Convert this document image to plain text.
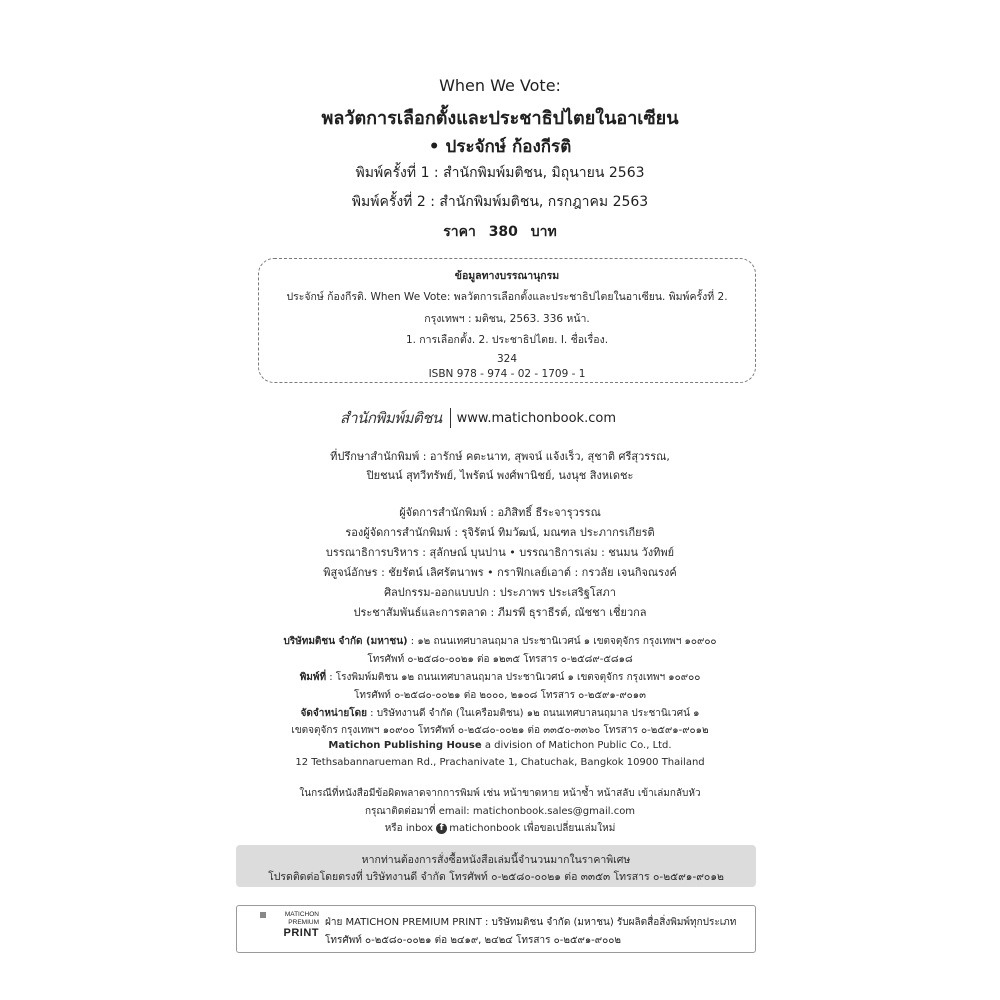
When We Vote:
พลวัตการเลือกตั้งและประชาธิปไตยในอาเซียน
• ประจักษ์ ก้องกีรติ
พิมพ์ครั้งที่ 1 : สำนักพิมพ์มติชน, มิถุนายน 2563
พิมพ์ครั้งที่ 2 : สำนักพิมพ์มติชน, กรกฎาคม 2563
ราคา 380 บาท
ข้อมูลทางบรรณานุกรม
ประจักษ์ ก้องกีรติ. When We Vote: พลวัตการเลือกตั้งและประชาธิปไตยในอาเซียน. พิมพ์ครั้งที่ 2.
กรุงเทพฯ : มติชน, 2563. 336 หน้า.
1. การเลือกตั้ง. 2. ประชาธิปไตย. I. ชื่อเรื่อง.
324
ISBN 978 - 974 - 02 - 1709 - 1
สำนักพิมพ์มติชน www.matichonbook.com
ที่ปรึกษาสำนักพิมพ์ : อารักษ์ คตะนาท, สุพจน์ แจ้งเร็ว, สุชาติ ศรีสุวรรณ,
ปิยชนน์ สุทวีทรัพย์, ไพรัตน์ พงศ์พานิชย์, นงนุช สิงหเดชะ
ผู้จัดการสำนักพิมพ์ : อภิสิทธิ์ ธีระจารุวรรณ
รองผู้จัดการสำนักพิมพ์ : รุจิรัตน์ ทิมวัฒน์, มณฑล ประภากรเกียรติ
บรรณาธิการบริหาร : สุลักษณ์ บุนปาน • บรรณาธิการเล่ม : ชนมน วังทิพย์
พิสูจน์อักษร : ชัยรัตน์ เลิศรัตนาพร • กราฟิกเลย์เอาต์ : กรวลัย เจนกิจณรงค์
ศิลปกรรม-ออกแบบปก : ประภาพร ประเสริฐโสภา
ประชาสัมพันธ์และการตลาด : ภีมรพี ธุราธีรต์, ณัชชา เชี่ยวกล
บริษัทมติชน จำกัด (มหาชน) : ๑๒ ถนนเทศบาลนฤมาล ประชานิเวศน์ ๑ เขตจตุจักร กรุงเทพฯ ๑๐๙๐๐
โทรศัพท์ ๐-๒๕๘๐-๐๐๒๑ ต่อ ๑๒๓๕ โทรสาร ๐-๒๕๘๙-๕๘๑๘
พิมพ์ที่ : โรงพิมพ์มติชน ๑๒ ถนนเทศบาลนฤมาล ประชานิเวศน์ ๑ เขตจตุจักร กรุงเทพฯ ๑๐๙๐๐
โทรศัพท์ ๐-๒๕๘๐-๐๐๒๑ ต่อ ๒๐๐๐, ๒๑๐๘ โทรสาร ๐-๒๕๙๑-๙๐๑๓
จัดจำหน่ายโดย : บริษัทงานดี จำกัด (ในเครือมติชน) ๑๒ ถนนเทศบาลนฤมาล ประชานิเวศน์ ๑
เขตจตุจักร กรุงเทพฯ ๑๐๙๐๐ โทรศัพท์ ๐-๒๕๘๐-๐๐๒๑ ต่อ ๓๓๕๐-๓๓๖๐ โทรสาร ๐-๒๕๙๑-๙๐๑๒
Matichon Publishing House a division of Matichon Public Co., Ltd.
12 Tethsabannarueman Rd., Prachanivate 1, Chatuchak, Bangkok 10900 Thailand
ในกรณีที่หนังสือมีข้อผิดพลาดจากการพิมพ์ เช่น หน้าขาดหาย หน้าซ้ำ หน้าสลับ เข้าเล่มกลับหัว
กรุณาติดต่อมาที่ email: matichonbook.sales@gmail.com
หรือ inbox f matichonbook เพื่อขอเปลี่ยนเล่มใหม่
หากท่านต้องการสั่งซื้อหนังสือเล่มนี้จำนวนมากในราคาพิเศษ
โปรดติดต่อโดยตรงที่ บริษัทงานดี จำกัด โทรศัพท์ ๐-๒๕๘๐-๐๐๒๑ ต่อ ๓๓๕๓ โทรสาร ๐-๒๕๙๑-๙๐๑๒
MATICHON
PREMIUM
PRINT
ฝ่าย MATICHON PREMIUM PRINT : บริษัทมติชน จำกัด (มหาชน) รับผลิตสื่อสิ่งพิมพ์ทุกประเภท
โทรศัพท์ ๐-๒๕๘๐-๐๐๒๑ ต่อ ๒๔๑๙, ๒๔๒๔ โทรสาร ๐-๒๕๙๑-๙๐๐๒
